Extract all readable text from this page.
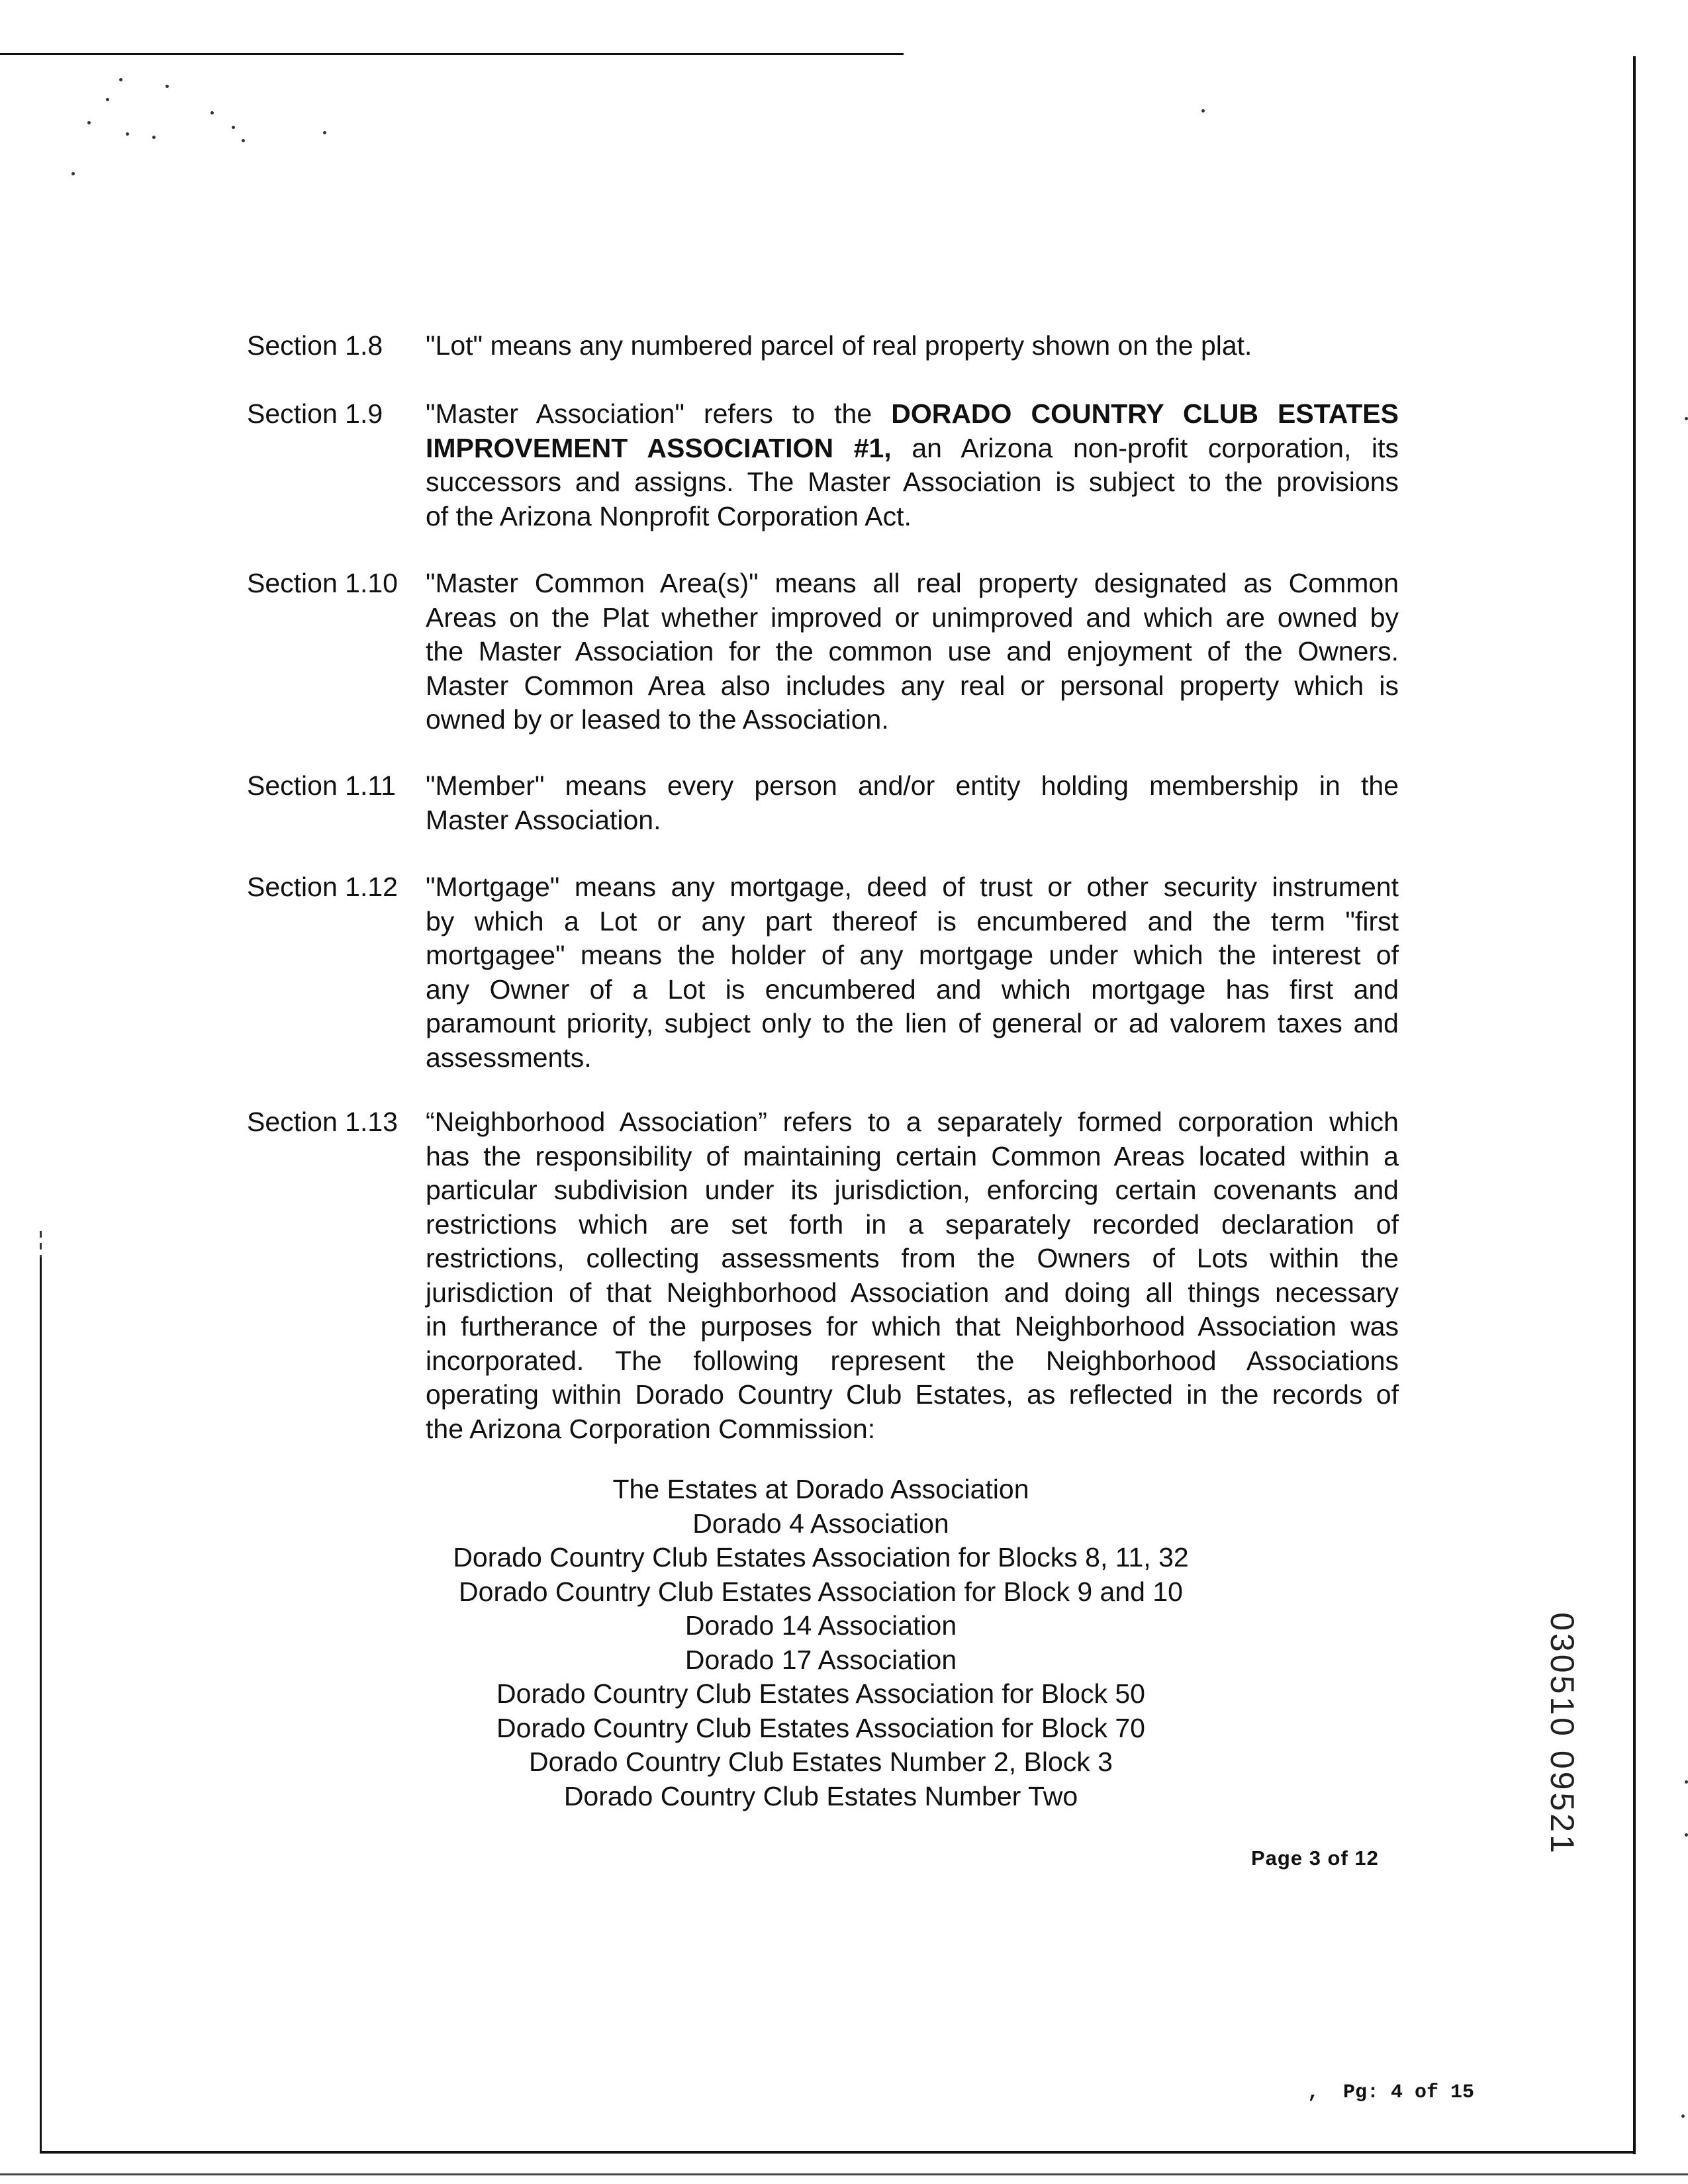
Section 1.8 "Lot" means any numbered parcel of real property shown on the plat.
Section 1.9 "Master Association" refers to the DORADO COUNTRY CLUB ESTATES
IMPROVEMENT ASSOCIATION #1, an Arizona non-profit corporation, its
successors and assigns. The Master Association is subject to the provisions
of the Arizona Nonprofit Corporation Act.
Section 1.10 "Master Common Area(s)" means all real property designated as Common
Areas on the Plat whether improved or unimproved and which are owned by
the Master Association for the common use and enjoyment of the Owners.
Master Common Area also includes any real or personal property which is
owned by or leased to the Association.
Section 1.11 "Member" means every person and/or entity holding membership in the
Master Association.
Section 1.12 "Mortgage" means any mortgage, deed of trust or other security instrument
by which a Lot or any part thereof is encumbered and the term "first
mortgagee" means the holder of any mortgage under which the interest of
any Owner of a Lot is encumbered and which mortgage has first and
paramount priority, subject only to the lien of general or ad valorem taxes and
assessments.
Section 1.13 “Neighborhood Association” refers to a separately formed corporation which
has the responsibility of maintaining certain Common Areas located within a
particular subdivision under its jurisdiction, enforcing certain covenants and
restrictions which are set forth in a separately recorded declaration of
restrictions, collecting assessments from the Owners of Lots within the
jurisdiction of that Neighborhood Association and doing all things necessary
in furtherance of the purposes for which that Neighborhood Association was
incorporated. The following represent the Neighborhood Associations
operating within Dorado Country Club Estates, as reflected in the records of
the Arizona Corporation Commission:
The Estates at Dorado Association
Dorado 4 Association
Dorado Country Club Estates Association for Blocks 8, 11, 32
Dorado Country Club Estates Association for Block 9 and 10
Dorado 14 Association
Dorado 17 Association
Dorado Country Club Estates Association for Block 50
Dorado Country Club Estates Association for Block 70
Dorado Country Club Estates Number 2, Block 3
Dorado Country Club Estates Number Two	030510 09521
Page 3 of 12
,  Pg: 4 of 15
